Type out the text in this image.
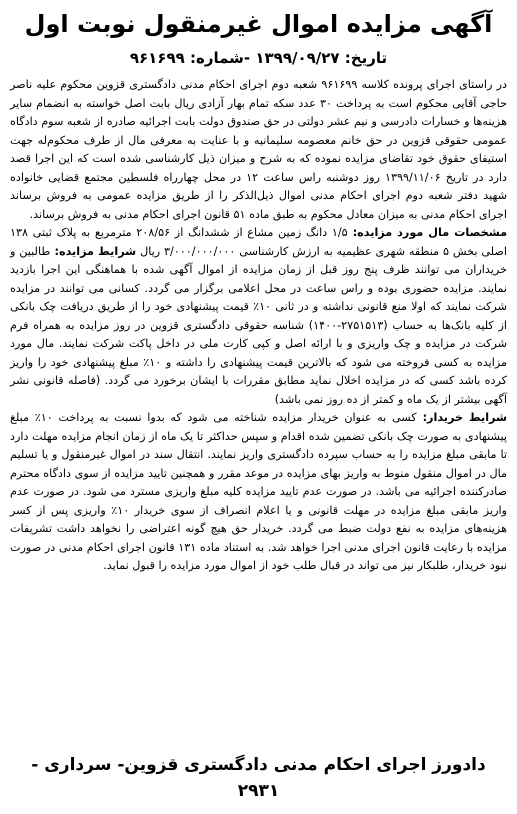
آگهی مزایده اموال غیرمنقول نوبت اول
تاریخ: ۱۳۹۹/۰۹/۲۷ -شماره: ۹۶۱۶۹۹

در راستای اجرای پرونده کلاسه ۹۶۱۶۹۹ شعبه دوم اجرای احکام مدنی دادگستری قزوین محکوم علیه ناصر حاجی آقایی محکوم است به پرداخت ۳۰ عدد سکه تمام بهار آزادی ریال بابت اصل خواسته به انضمام سایر هزینه‌ها و خسارات دادرسی و نیم عشر دولتی در حق صندوق دولت بابت اجرائیه صادره از شعبه سوم دادگاه عمومی حقوقی قزوین در حق خانم معصومه سلیمانیه و با عنایت به معرفی مال از طرف محکوم‌له جهت استیفای حقوق خود تقاضای مزایده نموده که به شرح و میزان ذیل کارشناسی شده است که این اجرا قصد دارد در تاریخ ۱۳۹۹/۱۱/۰۶ روز دوشنبه راس ساعت ۱۲ در محل چهارراه فلسطین مجتمع قضایی خانواده شهید دفتر شعبه دوم اجرای احکام مدنی اموال ذیل‌الذکر را از طریق مزایده عمومی به فروش برساند اجرای احکام مدنی به میزان معادل محکوم به طبق ماده ۵۱ قانون اجرای احکام مدنی به فروش برساند.

مشخصات مال مورد مزایده: ۱/۵ دانگ زمین مشاع از ششدانگ از ۲۰۸/۵۶ مترمربع به پلاک ثبتی ۱۳۸ اصلی بخش ۵ منطقه شهری عظیمیه به ارزش کارشناسی ۳/۰۰۰/۰۰۰/۰۰۰ ریال شرایط مزایده: طالبین و خریداران می توانند ظرف پنج روز قبل از زمان مزایده از اموال آگهی شده با هماهنگی این اجرا بازدید نمایند. مزایده حضوری بوده و راس ساعت در محل اعلامی برگزار می گردد. کسانی می توانند در مزایده شرکت نمایند که اولا منع قانونی نداشته و در ثانی ۱۰٪ قیمت پیشنهادی خود را از طریق دریافت چک بانکی از کلیه بانک‌ها به حساب (۲۷۵۱۵۱۳-۱۴۰۰) شناسه حقوقی دادگستری قزوین در روز مزایده به همراه فرم شرکت در مزایده و چک واریزی و با ارائه اصل و کپی کارت ملی در داخل پاکت شرکت نمایند. مال مورد مزایده به کسی فروخته می شود که بالاترین قیمت پیشنهادی را داشته و ۱۰٪ مبلغ پیشنهادی خود را واریز کرده باشد کسی که در مزایده اخلال نماید مطابق مقررات با ایشان برخورد می گردد. (فاصله قانونی نشر آگهی بیشتر از یک ماه و کمتر از ده روز نمی باشد)

شرایط خریدار: کسی به عنوان خریدار مزایده شناخته می شود که بدوا نسبت به پرداخت ۱۰٪ مبلغ پیشنهادی به صورت چک بانکی تضمین شده اقدام و سپس حداکثر تا یک ماه از زمان انجام مزایده مهلت دارد تا مابقی مبلغ مزایده را به حساب سپرده دادگستری واریز نمایند. انتقال سند در اموال غیرمنقول و یا تسلیم مال در اموال منقول منوط به واریز بهای مزایده در موعد مقرر و همچنین تایید مزایده از سوی دادگاه محترم صادرکننده اجرائیه می باشد. در صورت عدم تایید مزایده کلیه مبلغ واریزی مسترد می شود. در صورت عدم واریز مابقی مبلغ مزایده در مهلت قانونی و یا اعلام انصراف از سوی خریدار ۱۰٪ واریزی پس از کسر هزینه‌های مزایده به نفع دولت ضبط می گردد. خریدار حق هیچ گونه اعتراضی را نخواهد داشت تشریفات مزایده با رعایت قانون اجرای مدنی اجرا خواهد شد. به استناد ماده ۱۳۱ قانون اجرای احکام مدنی در صورت نبود خریدار، طلبکار نیز می تواند در قبال طلب خود از اموال مورد مزایده را قبول نماید.

دادورز اجرای احکام مدنی دادگستری قزوین- سرداری - ۲۹۳۱
